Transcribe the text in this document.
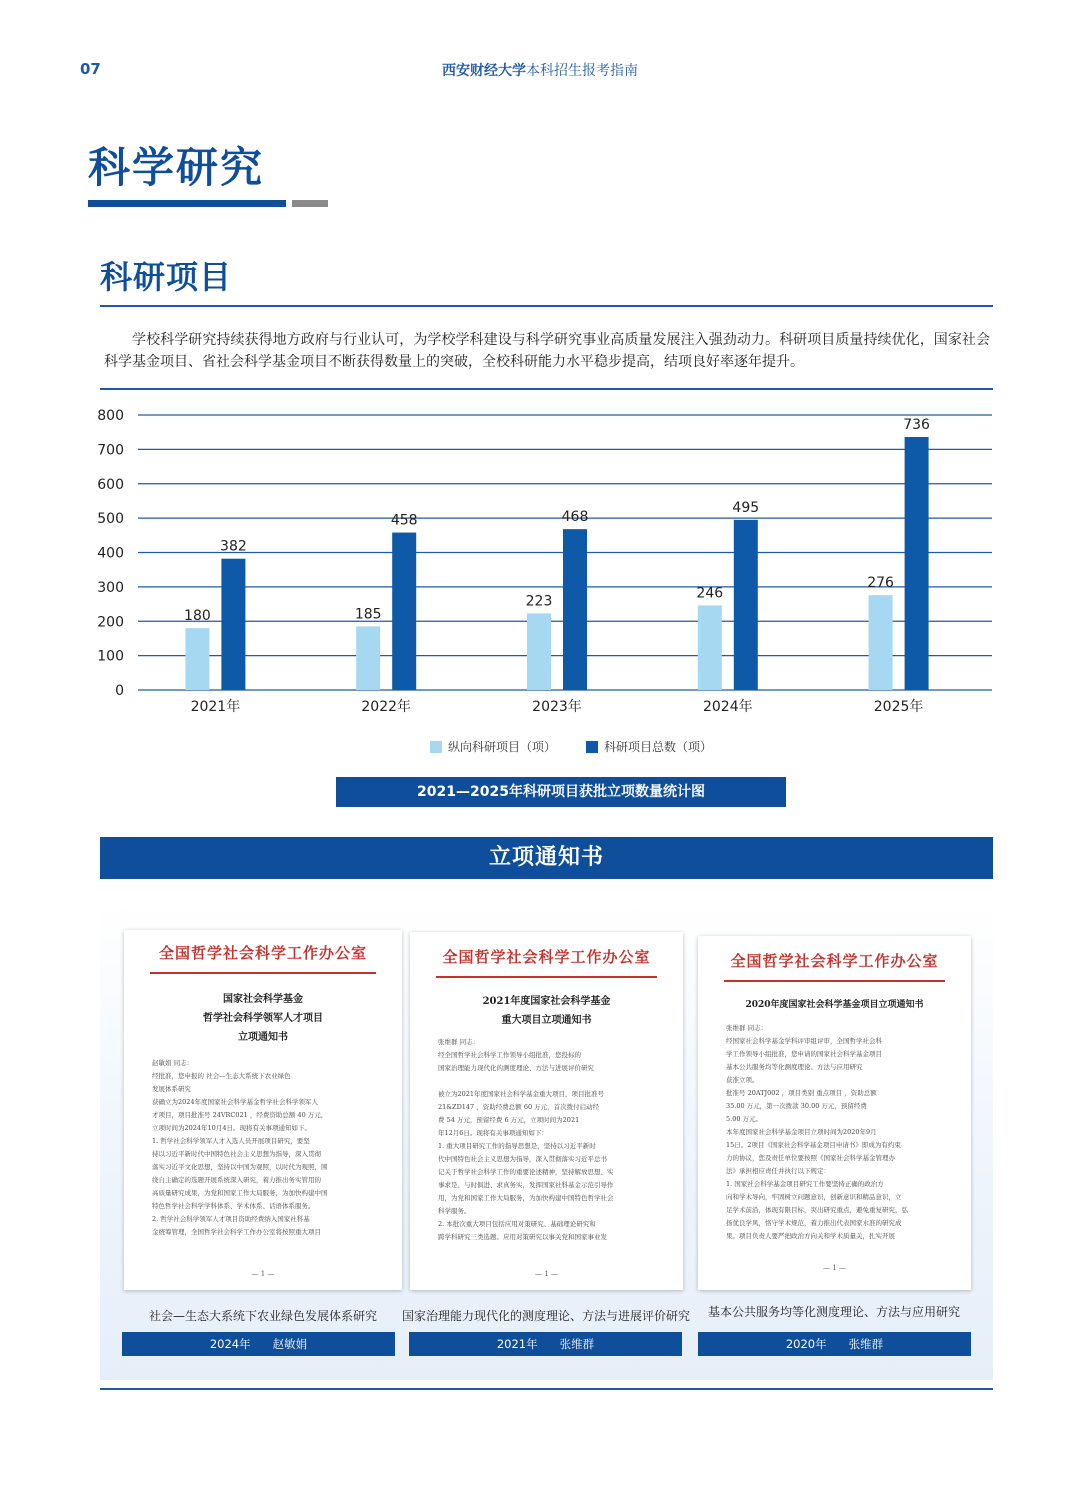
07	西安财经大学本科招生报考指南
科学研究
科研项目
学校科学研究持续获得地方政府与行业认可，为学校学科建设与科学研究事业高质量发展注入强劲动力。科研项目质量持续优化，国家社会科学基金项目、省社会科学基金项目不断获得数量上的突破，全校科研能力水平稳步提高，结项良好率逐年提升。
0
100
200
300
400
500
600
700
800
180
382
2021年
185
458
2022年
223
468
2023年
246
495
2024年
276
736
2025年
纵向科研项目（项）	科研项目总数（项）
2021—2025年科研项目获批立项数量统计图
立项通知书
全国哲学社会科学工作办公室
国家社会科学基金
哲学社会科学领军人才项目
立项通知书
赵敏娟 同志：
经批准，您申报的 社会—生态大系统下农业绿色
发展体系研究
获确立为2024年度国家社会科学基金哲学社会科学领军人
才项目，项目批准号 24VRC021 ，经费资助总额 40 万元，
立项时间为2024年10月4日。现将有关事项通知如下。
1. 哲学社会科学领军人才入选人员开展项目研究，要坚
持以习近平新时代中国特色社会主义思想为指导，深入贯彻
落实习近平文化思想，坚持以中国为观照，以时代为观照，围
绕自主确定的选题开展系统深入研究，着力推出务实管用的
高质量研究成果，为党和国家工作大局服务，为加快构建中国
特色哲学社会科学学科体系、学术体系、话语体系服务。
2. 哲学社会科学领军人才项目资助经费纳入国家社科基
金统筹管理，全国哲学社会科学工作办公室将按照重大项目
— 1 —
社会—生态大系统下农业绿色发展体系研究
2024年 赵敏娟
全国哲学社会科学工作办公室
2021年度国家社会科学基金
重大项目立项通知书
张维群 同志：
经全国哲学社会科学工作领导小组批准，您投标的
国家治理能力现代化的测度理论、方法与进展评价研究
被立为2021年度国家社会科学基金重大项目，项目批准号
21&ZD147 ，资助经费总额 60 万元，首次拨付启动经
费 54 万元，预留经费 6 万元，立项时间为2021
年12月6日。现将有关事项通知如下：
1. 重大项目研究工作的指导思想是，坚持以习近平新时
代中国特色社会主义思想为指导，深入贯彻落实习近平总书
记关于哲学社会科学工作的重要论述精神，坚持解放思想、实
事求是、与时俱进、求真务实，发挥国家社科基金示范引导作
用，为党和国家工作大局服务，为加快构建中国特色哲学社会
科学服务。
2. 本批次重大项目包括应用对策研究、基础理论研究和
跨学科研究三类选题。应用对策研究以事关党和国家事业发
— 1 —
国家治理能力现代化的测度理论、方法与进展评价研究
2021年 张维群
全国哲学社会科学工作办公室
2020年度国家社会科学基金项目立项通知书
张维群 同志：
经国家社会科学基金学科评审组评审，全国哲学社会科
学工作领导小组批准，您申请的国家社会科学基金项目
基本公共服务均等化测度理论、方法与应用研究
获准立项。
批准号 20ATJ002 ，项目类别 重点项目 ，资助总额
35.00 万元，第一次拨款 30.00 万元，预留经费
5.00 万元。
本年度国家社会科学基金项目立项时间为2020年9月
15日。2项目《国家社会科学基金项目申请书》即成为有约束
力的协议，您及责任单位要按照《国家社会科学基金管理办
法》承担相应责任并执行以下规定：
1. 国家社会科学基金项目研究工作要坚持正确的政治方
向和学术导向，牢固树立问题意识，创新意识和精品意识，立
足学术前沿，体现有限目标，突出研究重点，避免重复研究，弘
扬优良学风，恪守学术规范，着力推出代表国家水准的研究成
果。项目负责人要严把政治方向关和学术质量关，扎实开展
— 1 —
基本公共服务均等化测度理论、方法与应用研究
2020年 张维群
